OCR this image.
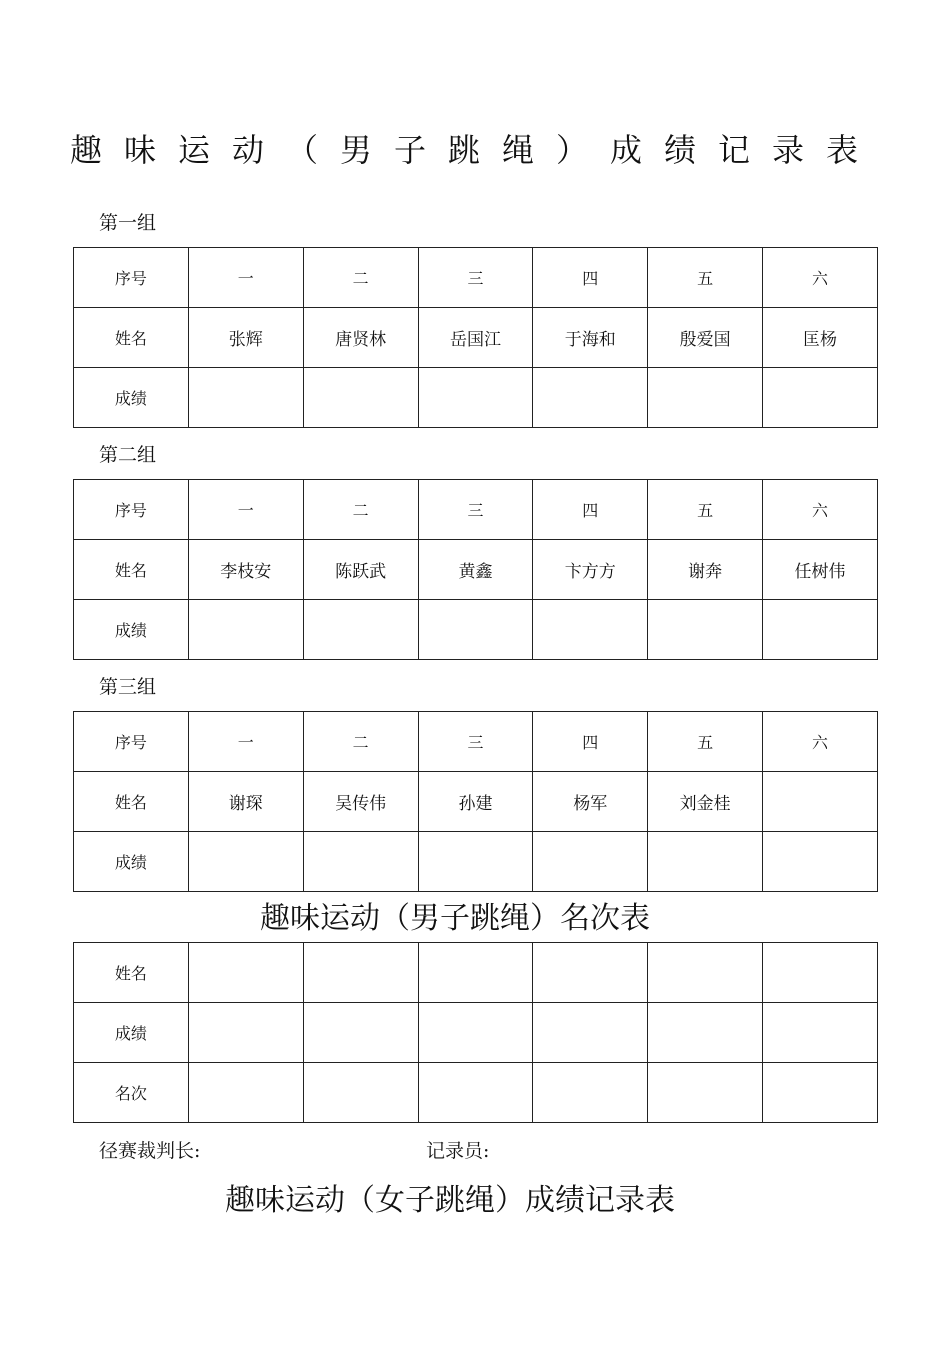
趣味运动（男子跳绳）成绩记录表
第一组
序号	一	二	三	四	五	六
姓名	张辉	唐贤林	岳国江	于海和	殷爱国	匡杨
成绩						
第二组
序号	一	二	三	四	五	六
姓名	李枝安	陈跃武	黄鑫	卞方方	谢奔	任树伟
成绩						
第三组
序号	一	二	三	四	五	六
姓名	谢琛	吴传伟	孙建	杨军	刘金桂	
成绩						
趣味运动（男子跳绳）名次表
姓名						
成绩						
名次						
径赛裁判长:	记录员:
趣味运动（女子跳绳）成绩记录表
